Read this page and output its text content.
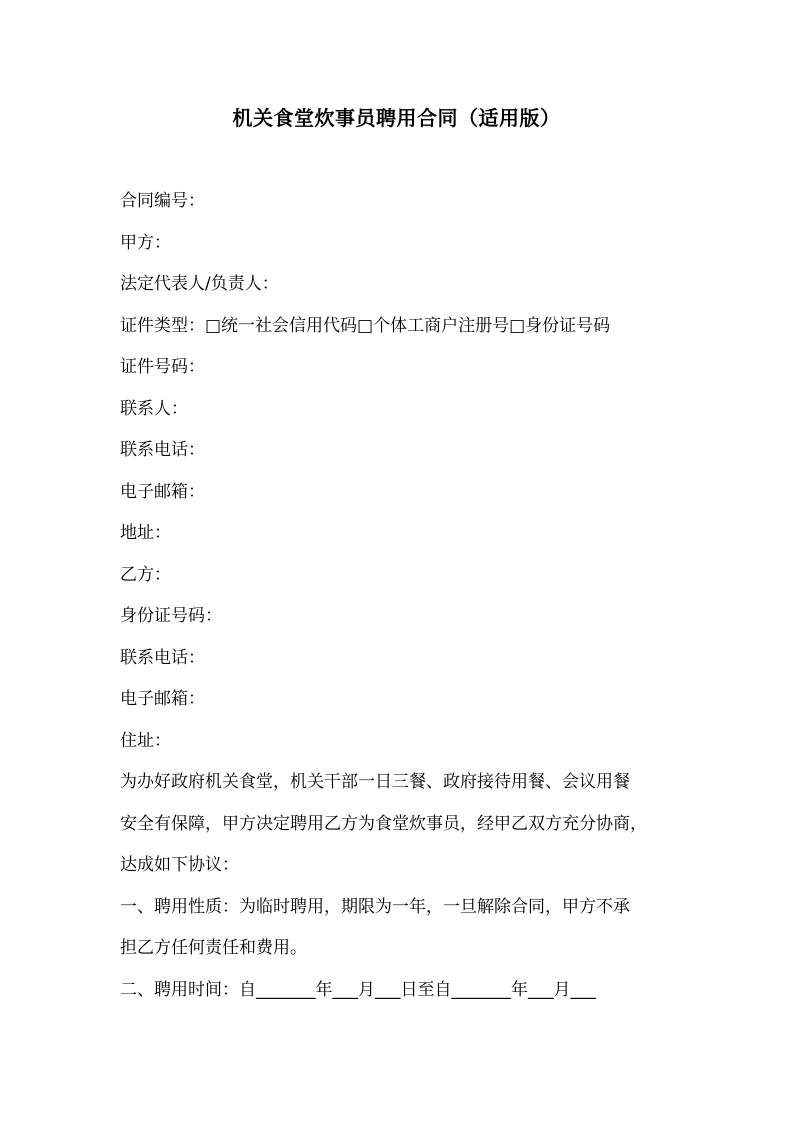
机关食堂炊事员聘用合同（适用版）
合同编号：
甲方：
法定代表人/负责人：
证件类型：□统一社会信用代码□个体工商户注册号□身份证号码
证件号码：
联系人：
联系电话：
电子邮箱：
地址：
乙方：
身份证号码：
联系电话：
电子邮箱：
住址：
为办好政府机关食堂，机关干部一日三餐、政府接待用餐、会议用餐
安全有保障，甲方决定聘用乙方为食堂炊事员，经甲乙双方充分协商，
达成如下协议：
一、聘用性质：为临时聘用，期限为一年，一旦解除合同，甲方不承
担乙方任何责任和费用。
二、聘用时间：自_______年___月___日至自_______年___月___
